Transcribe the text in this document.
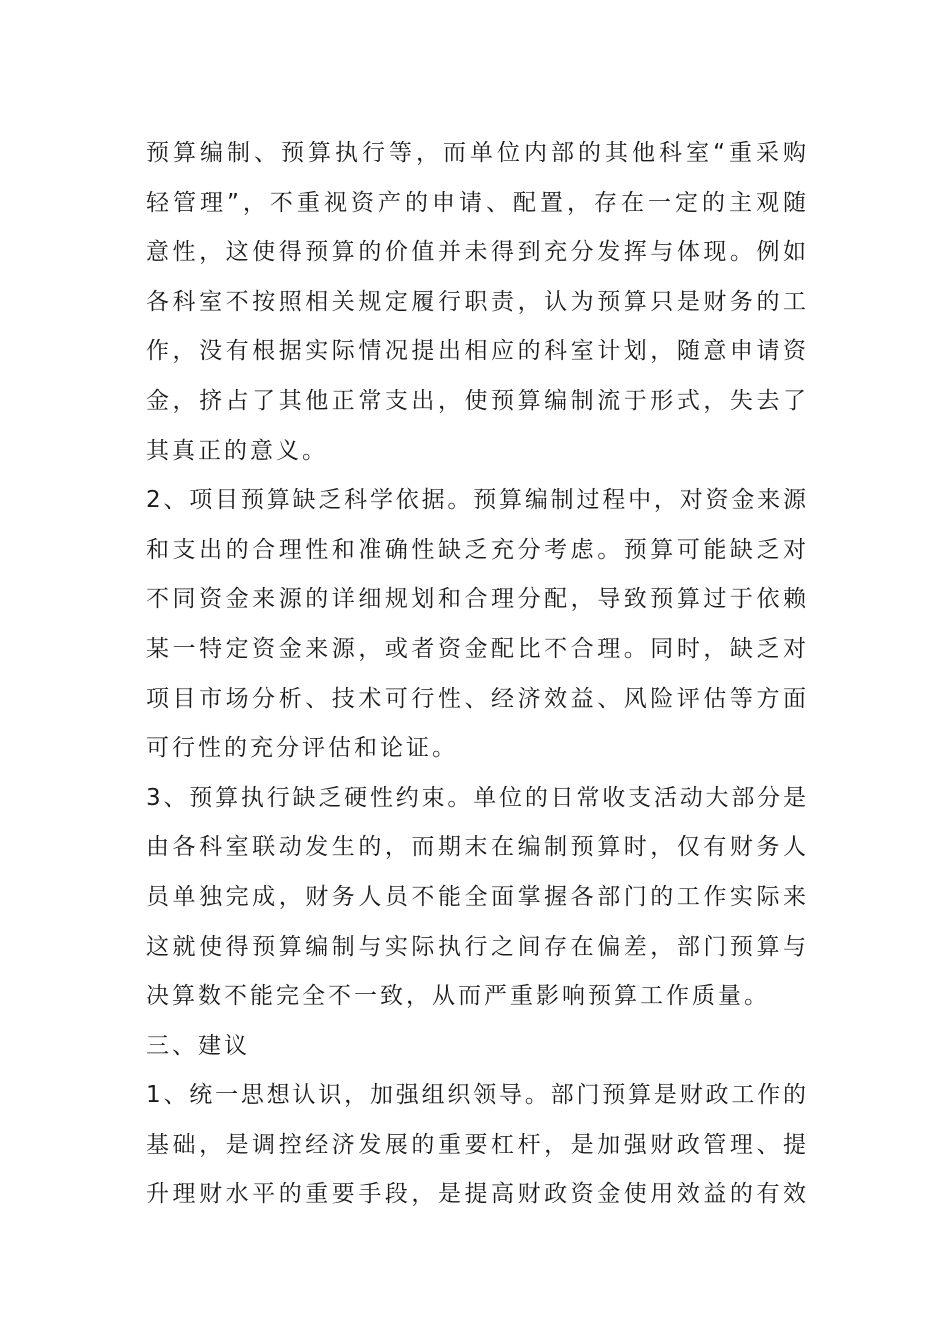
预算编制、预算执行等，而单位内部的其他科室“重采购
轻管理”，不重视资产的申请、配置，存在一定的主观随
意性，这使得预算的价值并未得到充分发挥与体现。例如
各科室不按照相关规定履行职责，认为预算只是财务的工
作，没有根据实际情况提出相应的科室计划，随意申请资
金，挤占了其他正常支出，使预算编制流于形式，失去了
其真正的意义。
2、项目预算缺乏科学依据。预算编制过程中，对资金来源
和支出的合理性和准确性缺乏充分考虑。预算可能缺乏对
不同资金来源的详细规划和合理分配，导致预算过于依赖
某一特定资金来源，或者资金配比不合理。同时，缺乏对
项目市场分析、技术可行性、经济效益、风险评估等方面
可行性的充分评估和论证。
3、预算执行缺乏硬性约束。单位的日常收支活动大部分是
由各科室联动发生的，而期末在编制预算时，仅有财务人
员单独完成，财务人员不能全面掌握各部门的工作实际来
这就使得预算编制与实际执行之间存在偏差，部门预算与
决算数不能完全不一致，从而严重影响预算工作质量。
三、建议
1、统一思想认识，加强组织领导。部门预算是财政工作的
基础，是调控经济发展的重要杠杆，是加强财政管理、提
升理财水平的重要手段，是提高财政资金使用效益的有效
